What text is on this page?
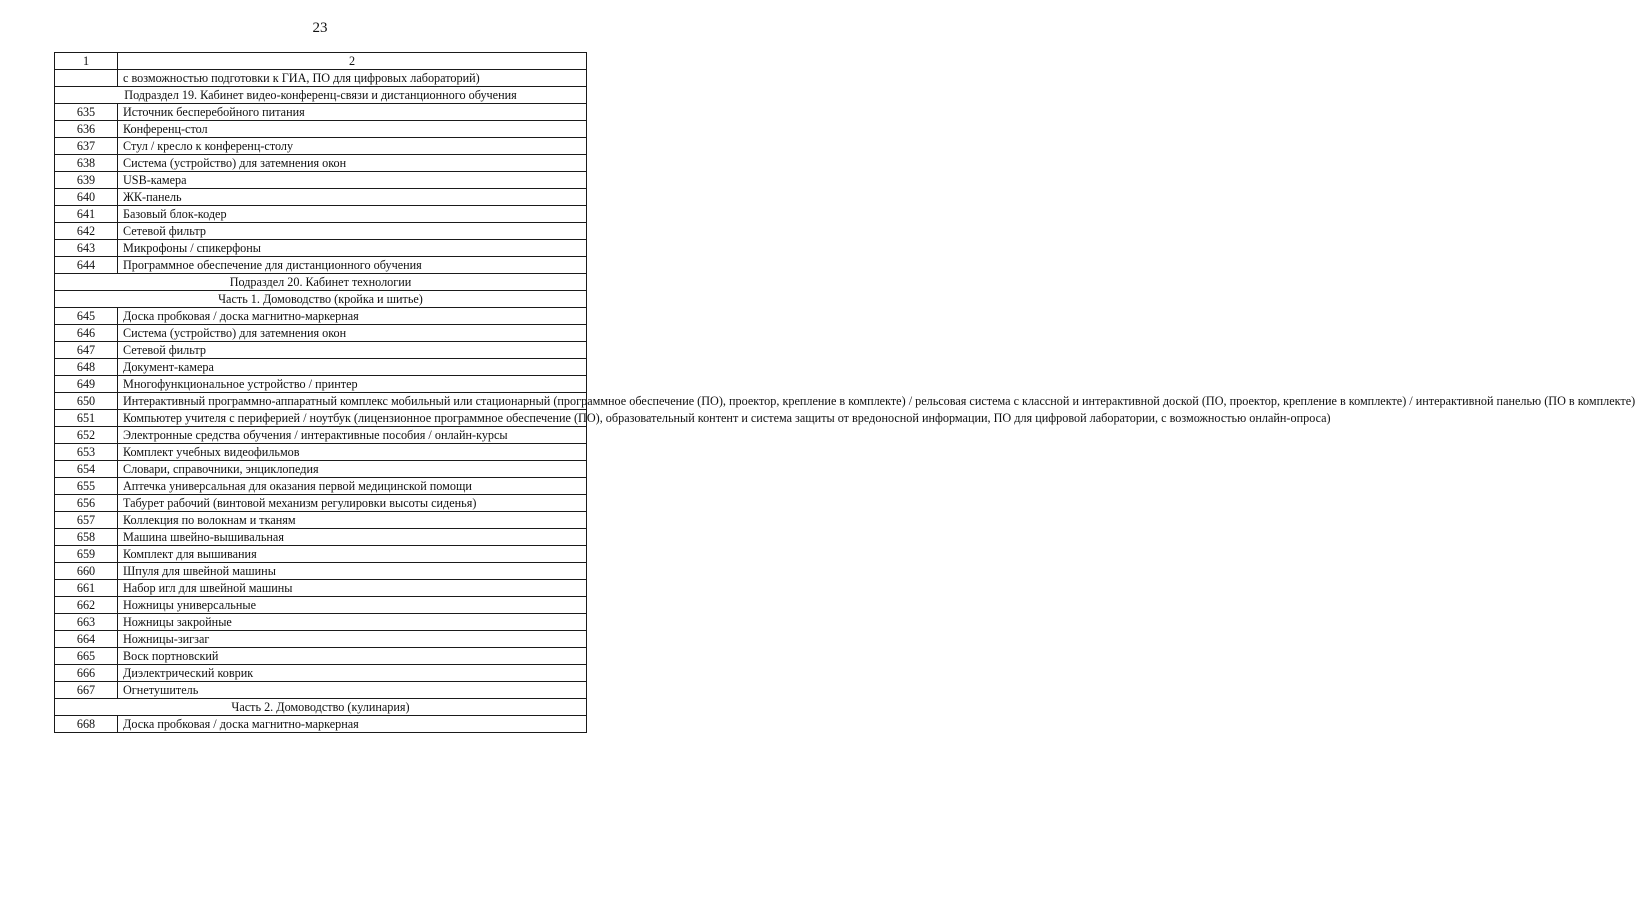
23
1	2
	с возможностью подготовки к ГИА, ПО для цифровых лабораторий)
Подраздел 19. Кабинет видео-конференц-связи и дистанционного обучения	
635	Источник бесперебойного питания
636	Конференц-стол
637	Стул / кресло к конференц-столу
638	Система (устройство) для затемнения окон
639	USB-камера
640	ЖК-панель
641	Базовый блок-кодер
642	Сетевой фильтр
643	Микрофоны / спикерфоны
644	Программное обеспечение для дистанционного обучения
Подраздел 20. Кабинет технологии	
Часть 1. Домоводство (кройка и шитье)	
645	Доска пробковая / доска магнитно-маркерная
646	Система (устройство) для затемнения окон
647	Сетевой фильтр
648	Документ-камера
649	Многофункциональное устройство / принтер
650	Интерактивный программно-аппаратный комплекс мобильный или стационарный (программное обеспечение (ПО), проектор, крепление в комплекте) / рельсовая система с классной и интерактивной доской (ПО, проектор, крепление в комплекте) / интерактивной панелью (ПО в комплекте)
651	Компьютер учителя с периферией / ноутбук (лицензионное программное обеспечение (ПО), образовательный контент и система защиты от вредоносной информации, ПО для цифровой лаборатории, с возможностью онлайн-опроса)
652	Электронные средства обучения / интерактивные пособия / онлайн-курсы
653	Комплект учебных видеофильмов
654	Словари, справочники, энциклопедия
655	Аптечка универсальная для оказания первой медицинской помощи
656	Табурет рабочий (винтовой механизм регулировки высоты сиденья)
657	Коллекция по волокнам и тканям
658	Машина швейно-вышивальная
659	Комплект для вышивания
660	Шпуля для швейной машины
661	Набор игл для швейной машины
662	Ножницы универсальные
663	Ножницы закройные
664	Ножницы-зигзаг
665	Воск портновский
666	Диэлектрический коврик
667	Огнетушитель
Часть 2. Домоводство (кулинария)	
668	Доска пробковая / доска магнитно-маркерная
